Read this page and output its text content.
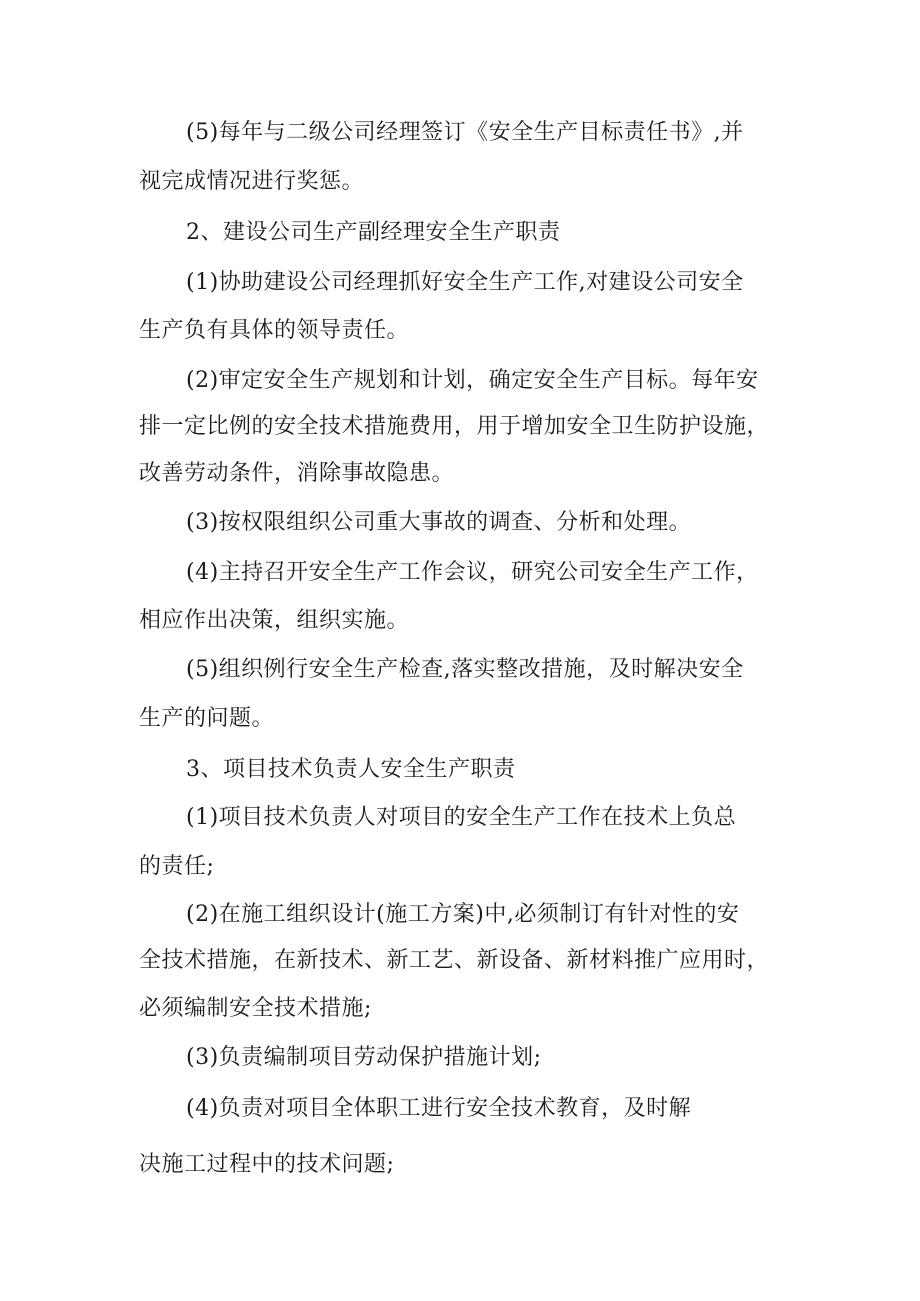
(5)每年与二级公司经理签订《安全生产目标责任书》,并
视完成情况进行奖惩。
2、建设公司生产副经理安全生产职责
(1)协助建设公司经理抓好安全生产工作,对建设公司安全
生产负有具体的领导责任。
(2)审定安全生产规划和计划，确定安全生产目标。每年安
排一定比例的安全技术措施费用，用于增加安全卫生防护设施，
改善劳动条件，消除事故隐患。
(3)按权限组织公司重大事故的调查、分析和处理。
(4)主持召开安全生产工作会议，研究公司安全生产工作，
相应作出决策，组织实施。
(5)组织例行安全生产检查,落实整改措施，及时解决安全
生产的问题。
3、项目技术负责人安全生产职责
(1)项目技术负责人对项目的安全生产工作在技术上负总
的责任;
(2)在施工组织设计(施工方案)中,必须制订有针对性的安
全技术措施，在新技术、新工艺、新设备、新材料推广应用时，
必须编制安全技术措施;
(3)负责编制项目劳动保护措施计划;
(4)负责对项目全体职工进行安全技术教育，及时解
决施工过程中的技术问题;
